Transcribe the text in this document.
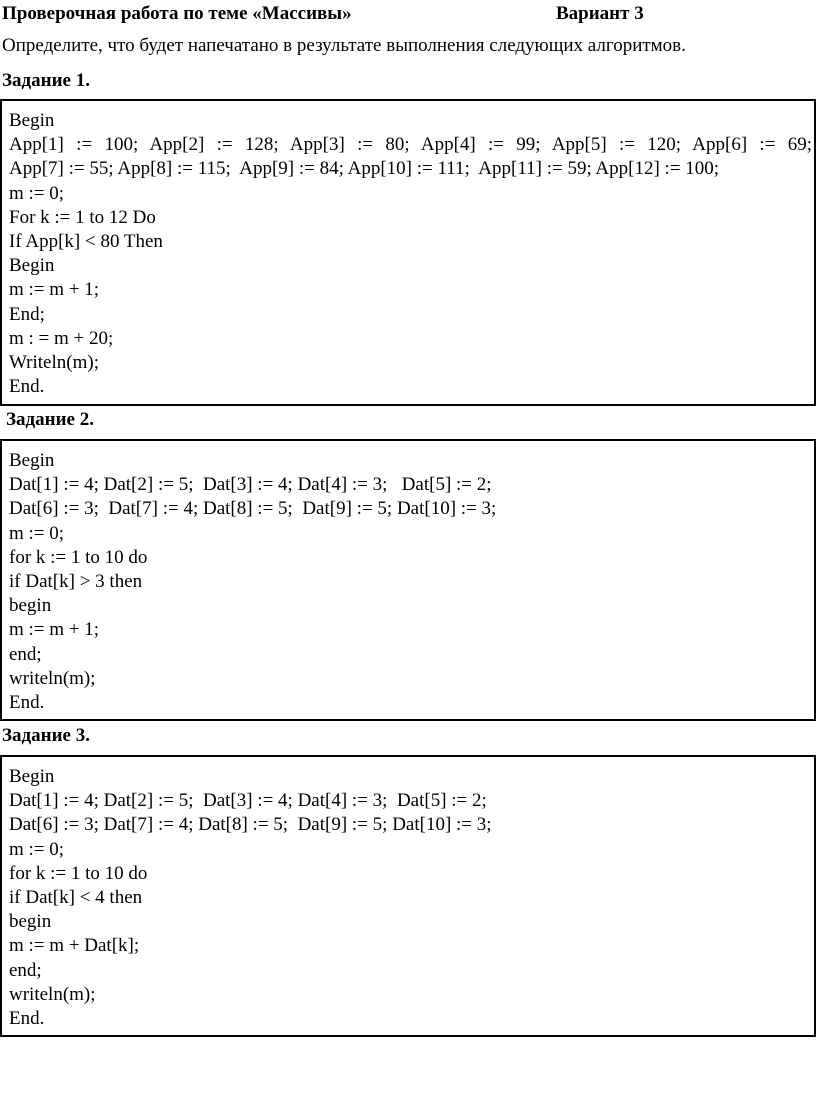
Проверочная работа по теме «Массивы»	Вариант 3
Определите, что будет напечатано в результате выполнения следующих алгоритмов.
Задание 1.
Begin
App[1] := 100; App[2] := 128; App[3] := 80; App[4] := 99; App[5] := 120; App[6] := 69;
App[7] := 55; App[8] := 115;  App[9] := 84; App[10] := 111;  App[11] := 59; App[12] := 100;
m := 0;
For k := 1 to 12 Do
If App[k] < 80 Then
Begin
m := m + 1;
End;
m : = m + 20;
Writeln(m);
End.
Задание 2.
Begin
Dat[1] := 4; Dat[2] := 5;  Dat[3] := 4; Dat[4] := 3;   Dat[5] := 2;
Dat[6] := 3;  Dat[7] := 4; Dat[8] := 5;  Dat[9] := 5; Dat[10] := 3;
m := 0;
for k := 1 to 10 do
if Dat[k] > 3 then
begin
m := m + 1;
end;
writeln(m);
End.
Задание 3.
Begin
Dat[1] := 4; Dat[2] := 5;  Dat[3] := 4; Dat[4] := 3;  Dat[5] := 2;
Dat[6] := 3; Dat[7] := 4; Dat[8] := 5;  Dat[9] := 5; Dat[10] := 3;
m := 0;
for k := 1 to 10 do
if Dat[k] < 4 then
begin
m := m + Dat[k];
end;
writeln(m);
End.
